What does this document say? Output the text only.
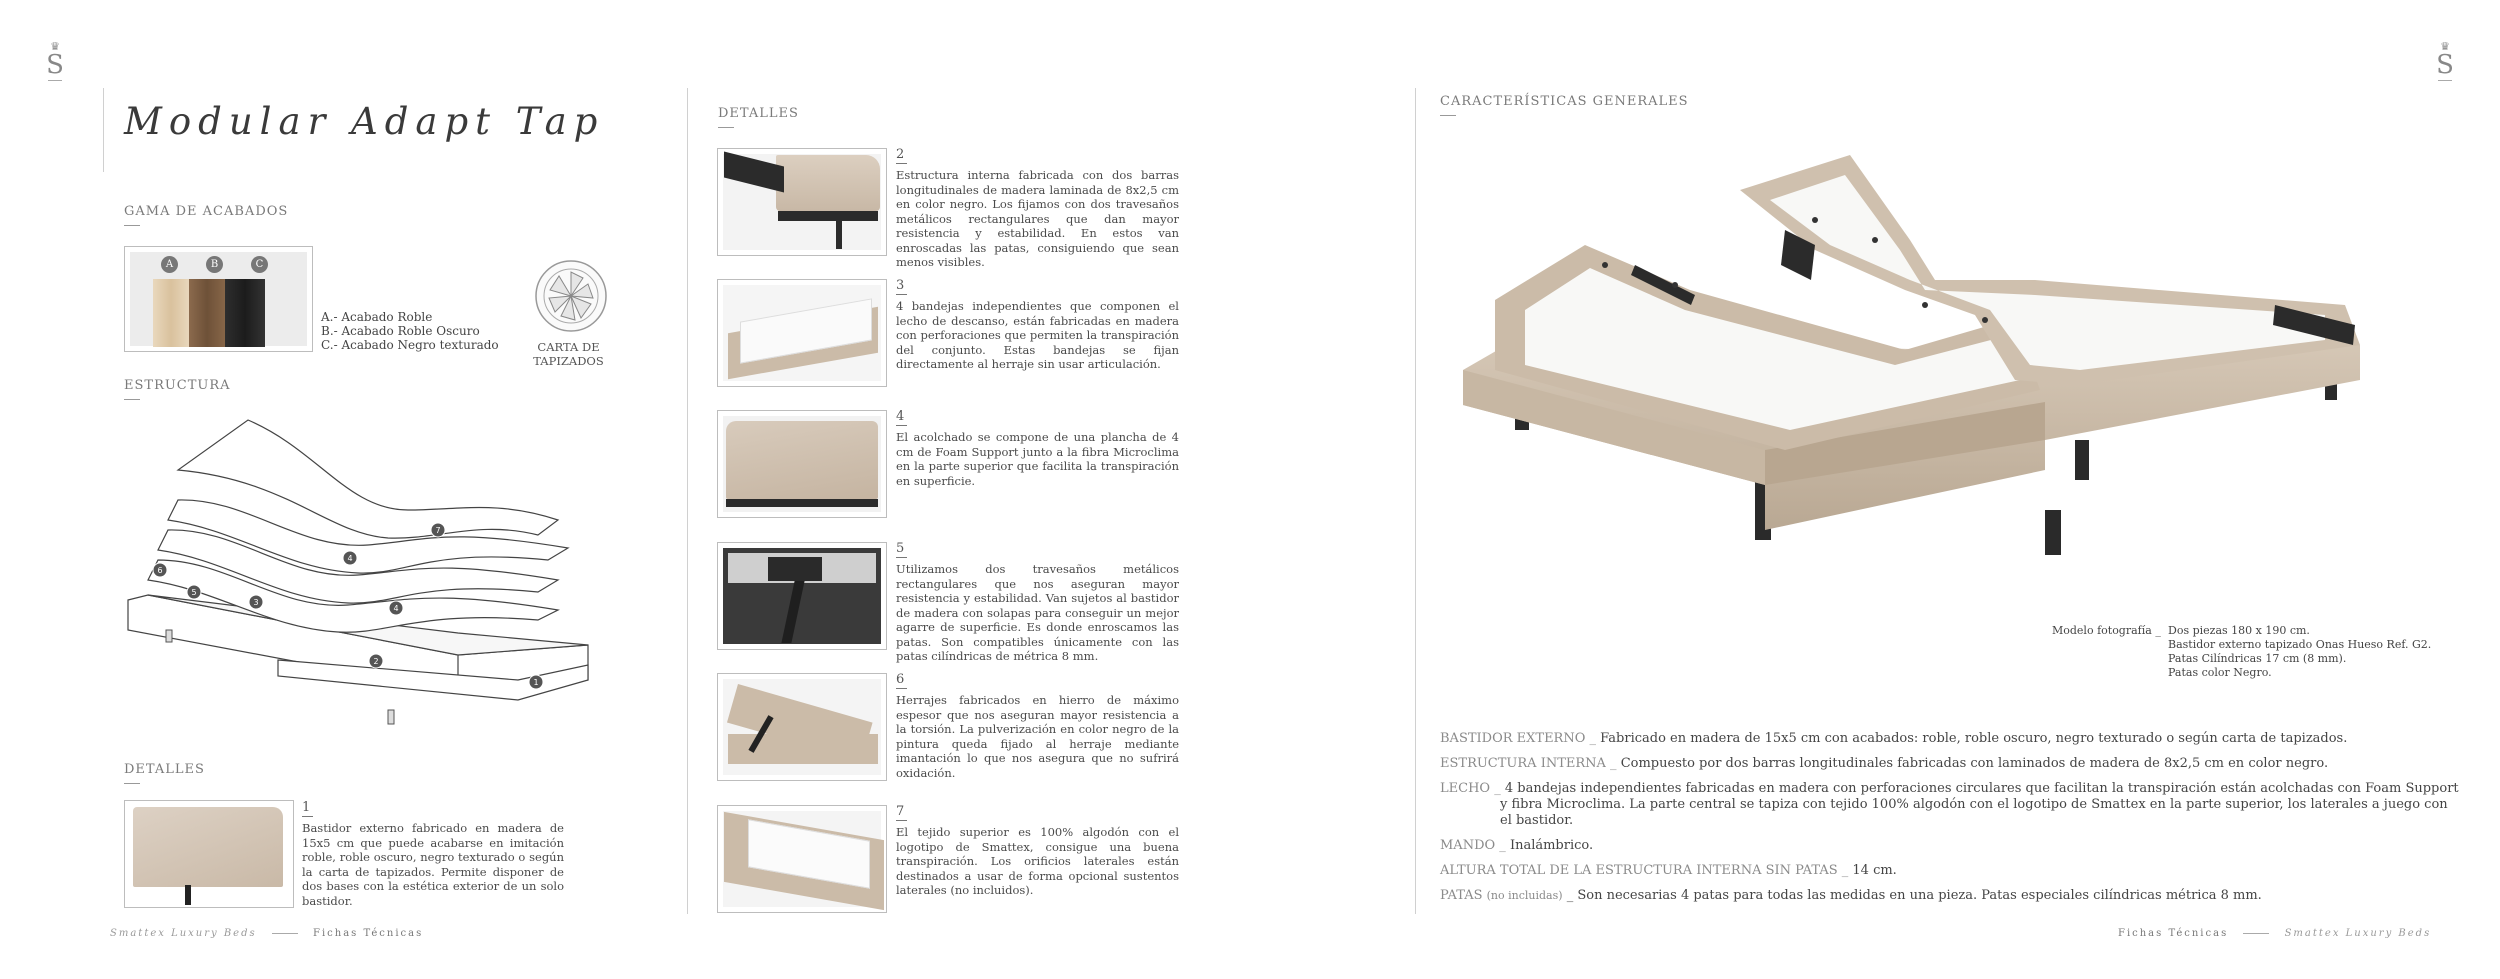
♛
S
♛
S
Modular Adapt Tap
GAMA DE ACABADOS
A	B	C
A.- Acabado Roble
B.- Acabado Roble Oscuro
C.- Acabado Negro texturado	CARTA DE TAPIZADOS
ESTRUCTURA
7
6
5
4
3
4
2
1
DETALLES
1
Bastidor externo fabricado en madera de 15x5 cm que puede acabarse en imitación roble, roble oscuro, negro texturado o según la carta de tapizados. Permite disponer de dos bases con la estética exterior de un solo bastidor.
DETALLES
2
Estructura interna fabricada con dos barras longitudinales de madera laminada de 8x2,5 cm en color negro. Los fijamos con dos travesaños metálicos rectangulares que dan mayor resistencia y estabilidad. En estos van enroscadas las patas, consiguiendo que sean menos visibles.
3
4 bandejas independientes que componen el lecho de descanso, están fabricadas en madera con perforaciones que permiten la transpiración del conjunto. Estas bandejas se fijan directamente al herraje sin usar articulación.
4
El acolchado se compone de una plancha de 4 cm de Foam Support junto a la fibra Microclima en la parte superior que facilita la transpiración en superficie.
5
Utilizamos dos travesaños metálicos rectangulares que nos aseguran mayor resistencia y estabilidad. Van sujetos al bastidor de madera con solapas para conseguir un mejor agarre de superficie. Es donde enroscamos las patas. Son compatibles únicamente con las patas cilíndricas de métrica 8 mm.
6
Herrajes fabricados en hierro de máximo espesor que nos aseguran mayor resistencia a la torsión. La pulverización en color negro de la pintura queda fijado al herraje mediante imantación lo que nos asegura que no sufrirá oxidación.
7
El tejido superior es 100% algodón con el logotipo de Smattex, consigue una buena transpiración. Los orificios laterales están destinados a usar de forma opcional sustentos laterales (no incluidos).
CARACTERÍSTICAS GENERALES
Modelo fotografía _ Dos piezas 180 x 190 cm.
Bastidor externo tapizado Onas Hueso Ref. G2.
Patas Cilíndricas 17 cm (8 mm).
Patas color Negro.
BASTIDOR EXTERNO _ Fabricado en madera de 15x5 cm con acabados: roble, roble oscuro, negro texturado o según carta de tapizados.
ESTRUCTURA INTERNA _ Compuesto por dos barras longitudinales fabricadas con laminados de madera de 8x2,5 cm en color negro.
LECHO _ 4 bandejas independientes fabricadas en madera con perforaciones circulares que facilitan la transpiración están acolchadas con Foam Support y fibra Microclima. La parte central se tapiza con tejido 100% algodón con el logotipo de Smattex en la parte superior, los laterales a juego con el bastidor.
MANDO _ Inalámbrico.
ALTURA TOTAL DE LA ESTRUCTURA INTERNA SIN PATAS _ 14 cm.
PATAS (no incluidas) _ Son necesarias 4 patas para todas las medidas en una pieza. Patas especiales cilíndricas métrica 8 mm.
Smattex Luxury Beds	Fichas Técnicas	Fichas Técnicas	Smattex Luxury Beds
